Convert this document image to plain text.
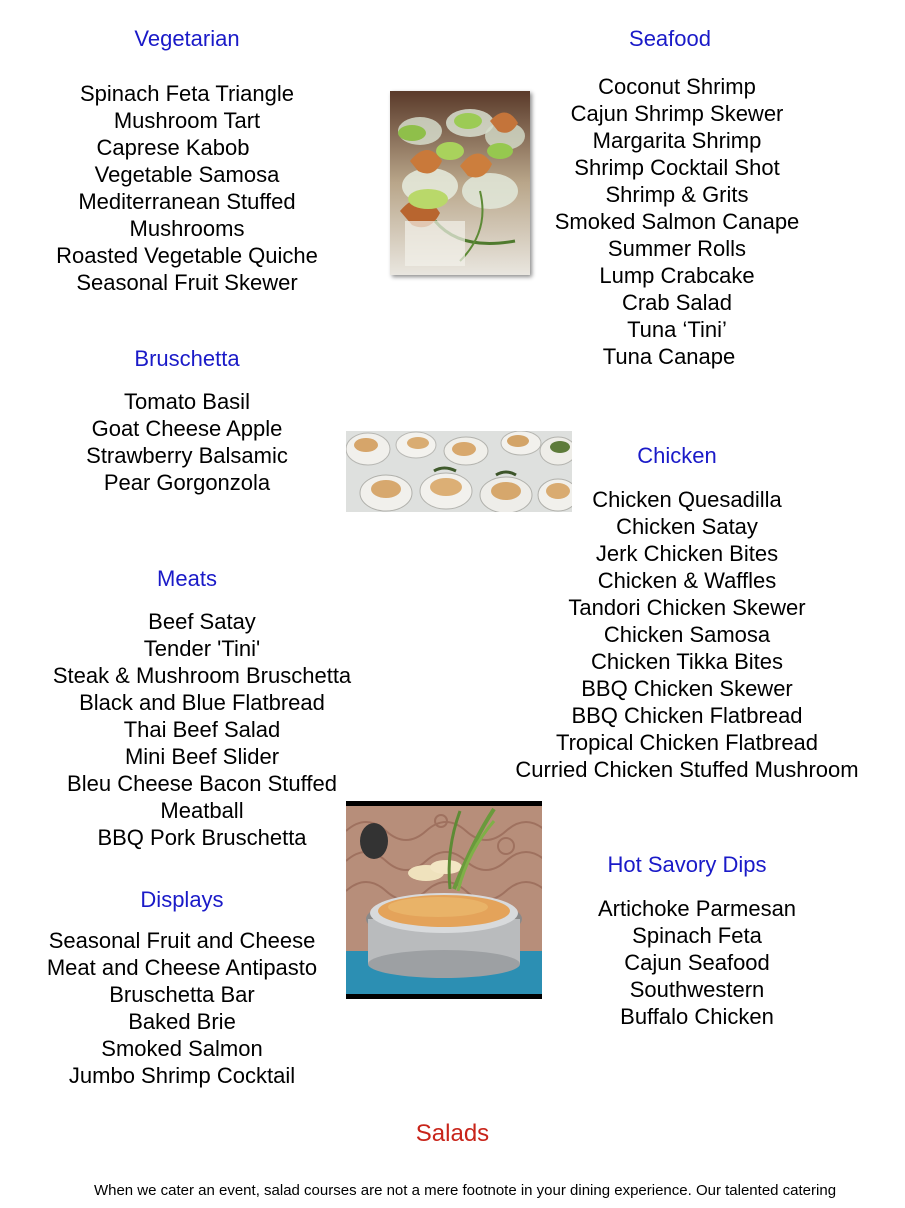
Vegetarian
Spinach Feta Triangle
Mushroom Tart
Caprese Kabob
Vegetable Samosa
Mediterranean Stuffed
Mushrooms
Roasted Vegetable Quiche
Seasonal Fruit Skewer
Seafood
Coconut Shrimp
Cajun Shrimp Skewer
Margarita Shrimp
Shrimp Cocktail Shot
Shrimp & Grits
Smoked Salmon Canape
Summer Rolls
Lump Crabcake
Crab Salad
Tuna ‘Tini’
Tuna Canape
Bruschetta
Tomato Basil
Goat Cheese Apple
Strawberry Balsamic
Pear Gorgonzola
Chicken
Chicken Quesadilla
Chicken Satay
Jerk Chicken Bites
Chicken & Waffles
Tandori Chicken Skewer
Chicken Samosa
Chicken Tikka Bites
BBQ Chicken Skewer
BBQ Chicken Flatbread
Tropical Chicken Flatbread
Curried Chicken Stuffed Mushroom
Meats
Beef Satay
Tender 'Tini'
Steak & Mushroom Bruschetta
Black and Blue Flatbread
Thai Beef Salad
Mini Beef Slider
Bleu Cheese Bacon Stuffed
Meatball
BBQ Pork Bruschetta
Hot Savory Dips
Artichoke Parmesan
Spinach Feta
Cajun Seafood
Southwestern
Buffalo Chicken
Displays
Seasonal Fruit and Cheese
Meat and Cheese Antipasto
Bruschetta Bar
Baked Brie
Smoked Salmon
Jumbo Shrimp Cocktail
Salads
When we cater an event, salad courses are not a mere footnote in your dining experience. Our talented catering
